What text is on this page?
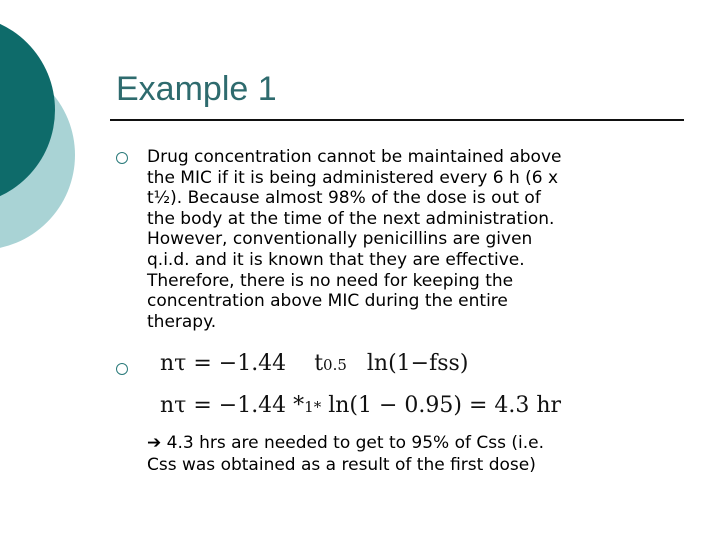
Example 1
Drug concentration cannot be maintained above
the MIC if it is being administered every 6 h (6 x
t½). Because almost 98% of the dose is out of
the body at the time of the next administration.
However, conventionally penicillins are given
q.i.d. and it is known that they are effective.
Therefore, there is no need for keeping the
concentration above MIC during the entire
therapy.
nτ = −1.44 t0.5 ln(1−fss)
nτ = −1.44 *1* ln(1 − 0.95) = 4.3 hr
➔ 4.3 hrs are needed to get to 95% of Css (i.e.
Css was obtained as a result of the first dose)
